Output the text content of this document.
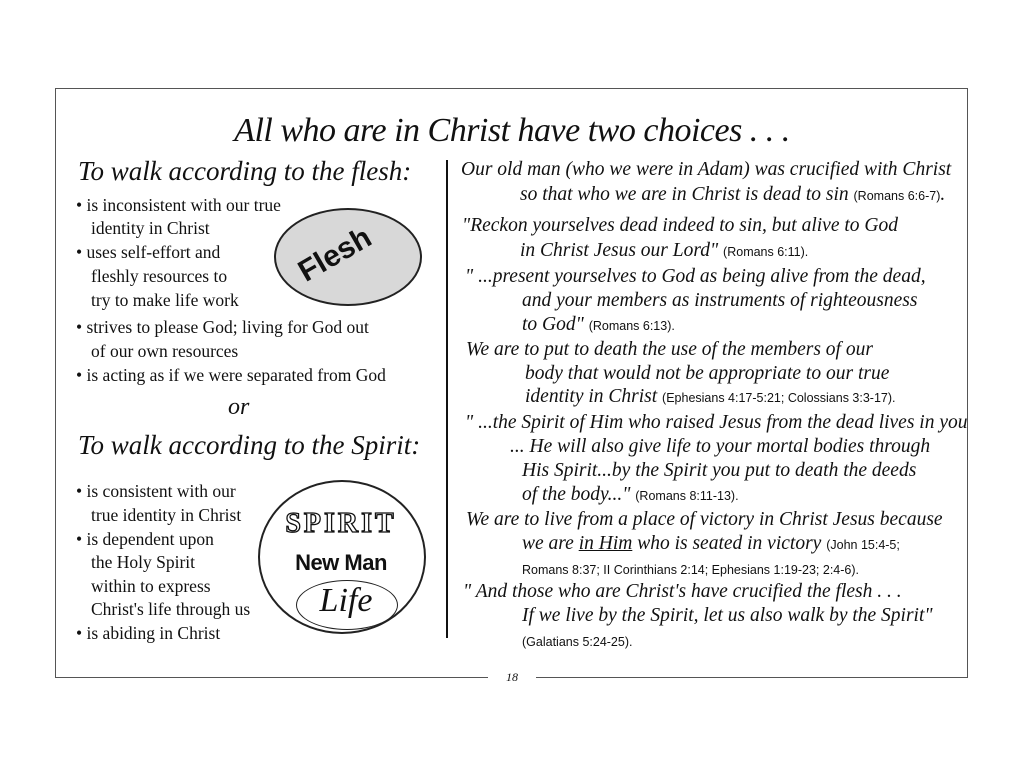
18
All who are in Christ have two choices . . .
To walk according to the flesh:
• is inconsistent with our true
identity in Christ
• uses self-effort and
fleshly resources to
try to make life work
• strives to please God; living for God out
of our own resources
• is acting as if we were separated from God
Flesh
or
To walk according to the Spirit:
• is consistent with our
true identity in Christ
• is dependent upon
the Holy Spirit
within to express
Christ's life through us
• is abiding in Christ
SPIRIT
New Man
Life
Our old man (who we were in Adam) was crucified with Christ
so that who we are in Christ is dead to sin (Romans 6:6-7).
"Reckon yourselves dead indeed to sin, but alive to God
in Christ Jesus our Lord" (Romans 6:11).
" ...present yourselves to God as being alive from the dead,
and your members as instruments of righteousness
to God" (Romans 6:13).
We are to put to death the use of the members of our
body that would not be appropriate to our true
identity in Christ (Ephesians 4:17-5:21; Colossians 3:3-17).
" ...the Spirit of Him who raised Jesus from the dead lives in you
... He will also give life to your mortal bodies through
His Spirit...by the Spirit you put to death the deeds
of the body..." (Romans 8:11-13).
We are to live from a place of victory in Christ Jesus because
we are in Him who is seated in victory (John 15:4-5;
Romans 8:37; II Corinthians 2:14; Ephesians 1:19-23; 2:4-6).
" And those who are Christ's have crucified the flesh . . .
If we live by the Spirit, let us also walk by the Spirit"
(Galatians 5:24-25).
